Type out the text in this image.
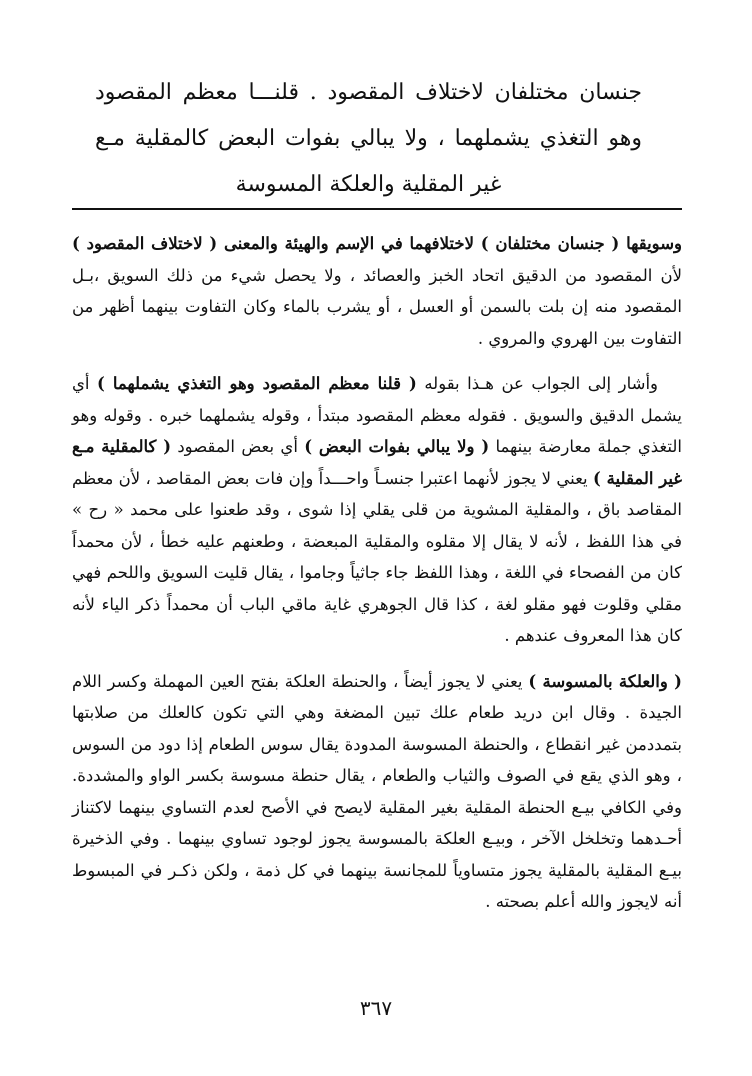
جنسان مختلفان لاختلاف المقصود . قلنـــا معظم المقصود وهو التغذي يشملهما ، ولا يبالي بفوات البعض كالمقلية مـع غير المقلية والعلكة المسوسة

وسويقها ( جنسان مختلفان ) لاختلافهما في الإسم والهيئة والمعنى ( لاختلاف المقصود ) لأن المقصود من الدقيق اتحاد الخبز والعصائد ، ولا يحصل شيء من ذلك السويق ،بـل المقصود منه إن بلت بالسمن أو العسل ، أو يشرب بالماء وكان التفاوت بينهما أظهر من التفاوت بين الهروي والمروي .

وأشار إلى الجواب عن هـذا بقوله ( قلنا معظم المقصود وهو التغذي يشملهما ) أي يشمل الدقيق والسويق . فقوله معظم المقصود مبتدأ ، وقوله يشملهما خبره . وقوله وهو التغذي جملة معارضة بينهما ( ولا يبالي بفوات البعض ) أي بعض المقصود ( كالمقلية مـع غير المقلية ) يعني لا يجوز لأنهما اعتبرا جنسـاً واحـــداً وإن فات بعض المقاصد ، لأن معظم المقاصد باق ، والمقلية المشوية من قلى يقلي إذا شوى ، وقد طعنوا على محمد « رح » في هذا اللفظ ، لأنه لا يقال إلا مقلوه والمقلية المبعضة ، وطعنهم عليه خطأ ، لأن محمداً كان من الفصحاء في اللغة ، وهذا اللفظ جاء جاثياً وجاموا ، يقال قليت السويق واللحم فهي مقلي وقلوت فهو مقلو لغة ، كذا قال الجوهري غاية ماقي الباب أن محمداً ذكر الياء لأنه كان هذا المعروف عندهم .

( والعلكة بالمسوسة ) يعني لا يجوز أيضاً ، والحنطة العلكة بفتح العين المهملة وكسر اللام الجيدة . وقال ابن دريد طعام علك تبين المضغة وهي التي تكون كالعلك من صلابتها بتمددمن غير انقطاع ، والحنطة المسوسة المدودة يقال سوس الطعام إذا دود من السوس ، وهو الذي يقع في الصوف والثياب والطعام ، يقال حنطة مسوسة بكسر الواو والمشددة. وفي الكافي بيـع الحنطة المقلية بغير المقلية لايصح في الأصح لعدم التساوي بينهما لاكتناز أحـدهما وتخلخل الآخر ، وبيـع العلكة بالمسوسة يجوز لوجود تساوي بينهما . وفي الذخيرة بيـع المقلية بالمقلية يجوز متساوياً للمجانسة بينهما في كل ذمة ، ولكن ذكـر في المبسوط أنه لايجوز والله أعلم بصحته .

٣٦٧
